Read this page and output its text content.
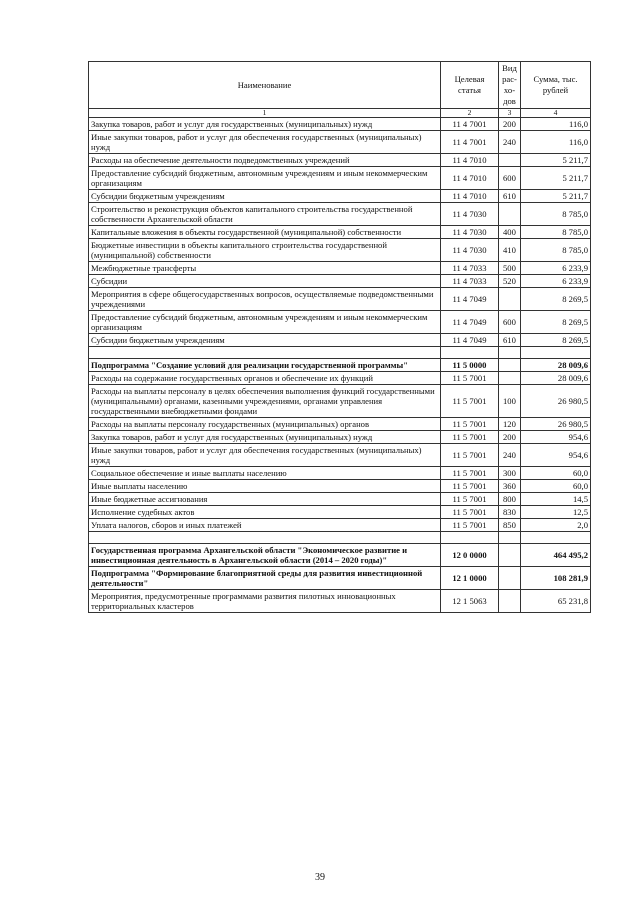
Наименование	Целевая статья	Вид рас- хо- дов	Сумма, тыс. рублей
1	2	3	4
Закупка товаров, работ и услуг для государственных (муниципальных) нужд	11 4 7001	200	116,0
Иные закупки товаров, работ и услуг для обеспечения государственных (муниципальных) нужд	11 4 7001	240	116,0
Расходы на обеспечение деятельности подведомственных учреждений	11 4 7010		5 211,7
Предоставление субсидий бюджетным, автономным учреждениям и иным некоммерческим организациям	11 4 7010	600	5 211,7
Субсидии бюджетным учреждениям	11 4 7010	610	5 211,7
Строительство и реконструкция объектов капитального строительства государственной собственности Архангельской области	11 4 7030		8 785,0
Капитальные вложения в объекты государственной (муниципальной) собственности	11 4 7030	400	8 785,0
Бюджетные инвестиции в объекты капитального строительства государственной (муниципальной) собственности	11 4 7030	410	8 785,0
Межбюджетные трансферты	11 4 7033	500	6 233,9
Субсидии	11 4 7033	520	6 233,9
Мероприятия в сфере общегосударственных вопросов, осуществляемые подведомственными учреждениями	11 4 7049		8 269,5
Предоставление субсидий бюджетным, автономным учреждениям и иным некоммерческим организациям	11 4 7049	600	8 269,5
Субсидии бюджетным учреждениям	11 4 7049	610	8 269,5

Подпрограмма "Создание условий для реализации государственной программы"	11 5 0000		28 009,6
Расходы на содержание государственных органов и обеспечение их функций	11 5 7001		28 009,6
Расходы на выплаты персоналу в целях обеспечения выполнения функций государственными (муниципальными) органами, казенными учреждениями, органами управления государственными внебюджетными фондами	11 5 7001	100	26 980,5
Расходы на выплаты персоналу государственных (муниципальных) органов	11 5 7001	120	26 980,5
Закупка товаров, работ и услуг для государственных (муниципальных) нужд	11 5 7001	200	954,6
Иные закупки товаров, работ и услуг для обеспечения государственных (муниципальных) нужд	11 5 7001	240	954,6
Социальное обеспечение и иные выплаты населению	11 5 7001	300	60,0
Иные выплаты населению	11 5 7001	360	60,0
Иные бюджетные ассигнования	11 5 7001	800	14,5
Исполнение судебных актов	11 5 7001	830	12,5
Уплата налогов, сборов и иных платежей	11 5 7001	850	2,0

Государственная программа Архангельской области "Экономическое развитие и инвестиционная деятельность в Архангельской области (2014 – 2020 годы)"	12 0 0000		464 495,2
Подпрограмма "Формирование благоприятной среды для развития инвестиционной деятельности"	12 1 0000		108 281,9
Мероприятия, предусмотренные программами развития пилотных инновационных территориальных кластеров	12 1 5063		65 231,8
39
